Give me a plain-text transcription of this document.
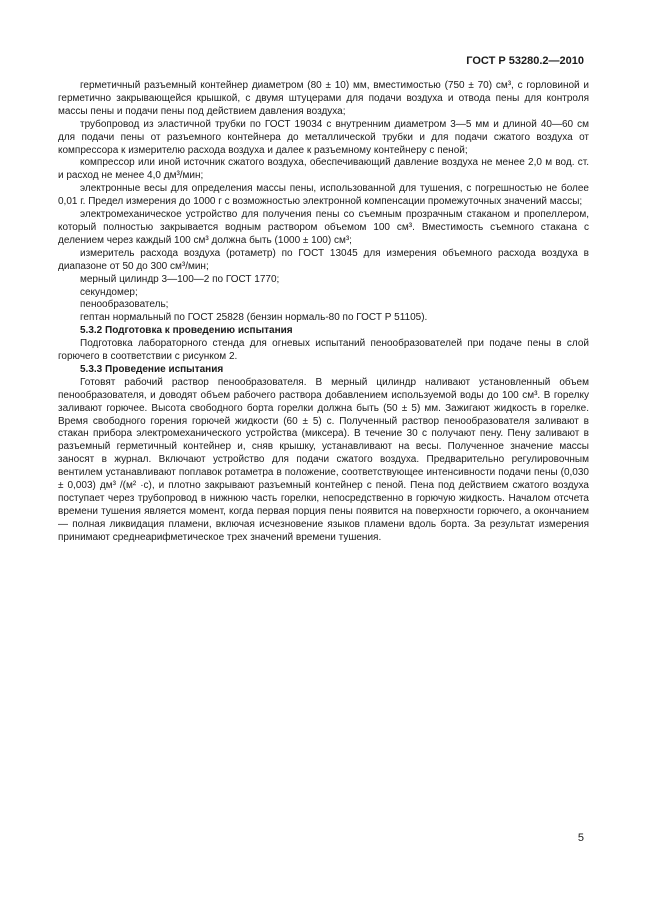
ГОСТ Р 53280.2—2010

герметичный разъемный контейнер диаметром (80 ± 10) мм, вместимостью (750 ± 70) см³, с горловиной и герметично закрывающейся крышкой, с двумя штуцерами для подачи воздуха и отвода пены для контроля массы пены и подачи пены под действием давления воздуха;

трубопровод из эластичной трубки по ГОСТ 19034 с внутренним диаметром 3—5 мм и длиной 40—60 см для подачи пены от разъемного контейнера до металлической трубки и для подачи сжатого воздуха от компрессора к измерителю расхода воздуха и далее к разъемному контейнеру с пеной;

компрессор или иной источник сжатого воздуха, обеспечивающий давление воздуха не менее 2,0 м вод. ст. и расход не менее 4,0 дм³/мин;

электронные весы для определения массы пены, использованной для тушения, с погрешностью не более 0,01 г. Предел измерения до 1000 г с возможностью электронной компенсации промежуточных значений массы;

электромеханическое устройство для получения пены со съемным прозрачным стаканом и пропеллером, который полностью закрывается водным раствором объемом 100 см³. Вместимость съемного стакана с делением через каждый 100 см³ должна быть (1000 ± 100) см³;

измеритель расхода воздуха (ротаметр) по ГОСТ 13045 для измерения объемного расхода воздуха в диапазоне от 50 до 300 см³/мин;

мерный цилиндр 3—100—2 по ГОСТ 1770;

секундомер;

пенообразователь;

гептан нормальный по ГОСТ 25828 (бензин нормаль-80 по ГОСТ Р 51105).

5.3.2 Подготовка к проведению испытания

Подготовка лабораторного стенда для огневых испытаний пенообразователей при подаче пены в слой горючего в соответствии с рисунком 2.

5.3.3 Проведение испытания

Готовят рабочий раствор пенообразователя. В мерный цилиндр наливают установленный объем пенообразователя, и доводят объем рабочего раствора добавлением используемой воды до 100 см³. В горелку заливают горючее. Высота свободного борта горелки должна быть (50 ± 5) мм. Зажигают жидкость в горелке. Время свободного горения горючей жидкости (60 ± 5) с. Полученный раствор пенообразователя заливают в стакан прибора электромеханического устройства (миксера). В течение 30 с получают пену. Пену заливают в разъемный герметичный контейнер и, сняв крышку, устанавливают на весы. Полученное значение массы заносят в журнал. Включают устройство для подачи сжатого воздуха. Предварительно регулировочным вентилем устанавливают поплавок ротаметра в положение, соответствующее интенсивности подачи пены (0,030 ± 0,003) дм³ /(м² ·с), и плотно закрывают разъемный контейнер с пеной. Пена под действием сжатого воздуха поступает через трубопровод в нижнюю часть горелки, непосредственно в горючую жидкость. Началом отсчета времени тушения является момент, когда первая порция пены появится на поверхности горючего, а окончанием — полная ликвидация пламени, включая исчезновение языков пламени вдоль борта. За результат измерения принимают среднеарифметическое трех значений времени тушения.

5
